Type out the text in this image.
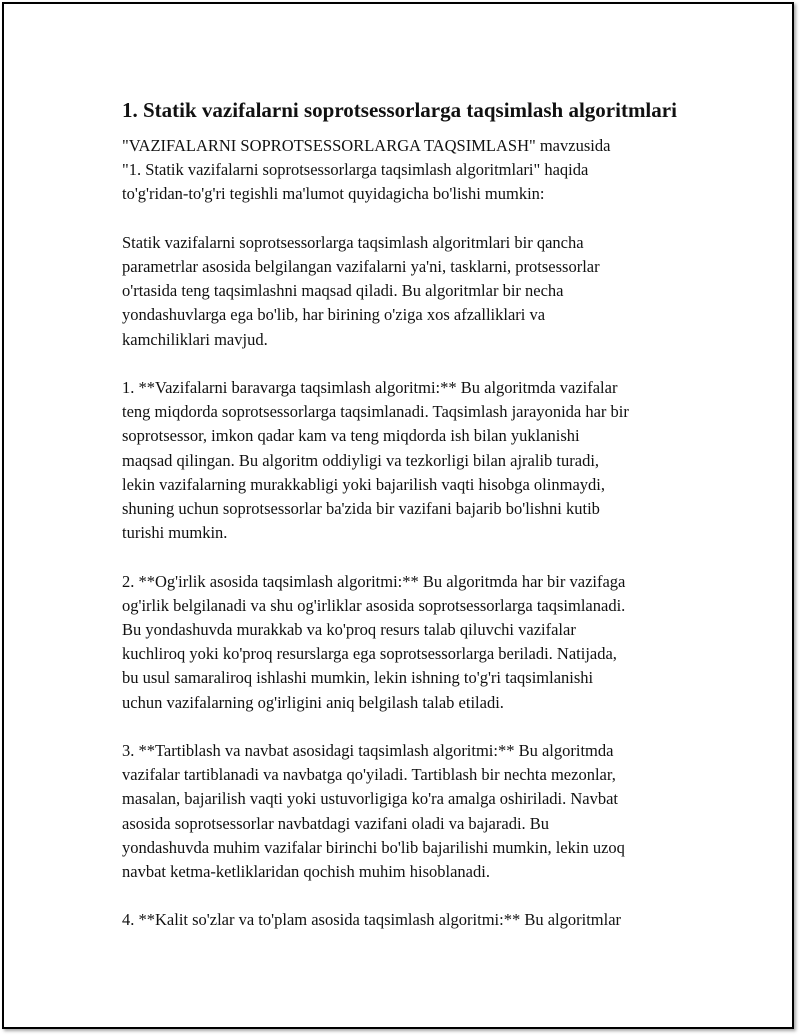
1. Statik vazifalarni soprotsessorlarga taqsimlash algoritmlari

"VAZIFALARNI SOPROTSESSORLARGA TAQSIMLASH" mavzusida
"1. Statik vazifalarni soprotsessorlarga taqsimlash algoritmlari" haqida
to'g'ridan-to'g'ri tegishli ma'lumot quyidagicha bo'lishi mumkin:

Statik vazifalarni soprotsessorlarga taqsimlash algoritmlari bir qancha
parametrlar asosida belgilangan vazifalarni ya'ni, tasklarni, protsessorlar
o'rtasida teng taqsimlashni maqsad qiladi. Bu algoritmlar bir necha
yondashuvlarga ega bo'lib, har birining o'ziga xos afzalliklari va
kamchiliklari mavjud.

1. **Vazifalarni baravarga taqsimlash algoritmi:** Bu algoritmda vazifalar
teng miqdorda soprotsessorlarga taqsimlanadi. Taqsimlash jarayonida har bir
soprotsessor, imkon qadar kam va teng miqdorda ish bilan yuklanishi
maqsad qilingan. Bu algoritm oddiyligi va tezkorligi bilan ajralib turadi,
lekin vazifalarning murakkabligi yoki bajarilish vaqti hisobga olinmaydi,
shuning uchun soprotsessorlar ba'zida bir vazifani bajarib bo'lishni kutib
turishi mumkin.

2. **Og'irlik asosida taqsimlash algoritmi:** Bu algoritmda har bir vazifaga
og'irlik belgilanadi va shu og'irliklar asosida soprotsessorlarga taqsimlanadi.
Bu yondashuvda murakkab va ko'proq resurs talab qiluvchi vazifalar
kuchliroq yoki ko'proq resurslarga ega soprotsessorlarga beriladi. Natijada,
bu usul samaraliroq ishlashi mumkin, lekin ishning to'g'ri taqsimlanishi
uchun vazifalarning og'irligini aniq belgilash talab etiladi.

3. **Tartiblash va navbat asosidagi taqsimlash algoritmi:** Bu algoritmda
vazifalar tartiblanadi va navbatga qo'yiladi. Tartiblash bir nechta mezonlar,
masalan, bajarilish vaqti yoki ustuvorligiga ko'ra amalga oshiriladi. Navbat
asosida soprotsessorlar navbatdagi vazifani oladi va bajaradi. Bu
yondashuvda muhim vazifalar birinchi bo'lib bajarilishi mumkin, lekin uzoq
navbat ketma-ketliklaridan qochish muhim hisoblanadi.

4. **Kalit so'zlar va to'plam asosida taqsimlash algoritmi:** Bu algoritmlar
